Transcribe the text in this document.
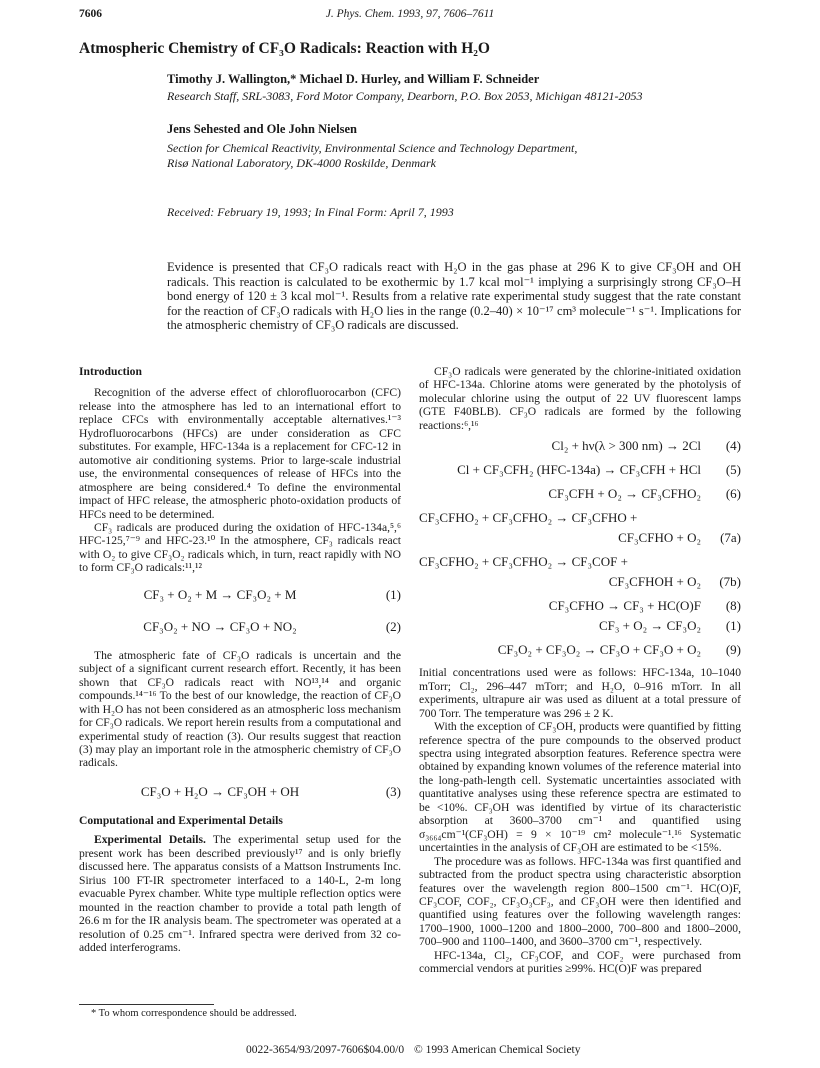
7606	J. Phys. Chem. 1993, 97, 7606–7611
Atmospheric Chemistry of CF₃O Radicals: Reaction with H₂O
Timothy J. Wallington,* Michael D. Hurley, and William F. Schneider
Research Staff, SRL-3083, Ford Motor Company, Dearborn, P.O. Box 2053, Michigan 48121-2053
Jens Sehested and Ole John Nielsen
Section for Chemical Reactivity, Environmental Science and Technology Department,
Risø National Laboratory, DK-4000 Roskilde, Denmark
Received: February 19, 1993; In Final Form: April 7, 1993
Evidence is presented that CF₃O radicals react with H₂O in the gas phase at 296 K to give CF₃OH and OH radicals. This reaction is calculated to be exothermic by 1.7 kcal mol⁻¹ implying a surprisingly strong CF₃O–H bond energy of 120 ± 3 kcal mol⁻¹. Results from a relative rate experimental study suggest that the rate constant for the reaction of CF₃O radicals with H₂O lies in the range (0.2–40) × 10⁻¹⁷ cm³ molecule⁻¹ s⁻¹. Implications for the atmospheric chemistry of CF₃O radicals are discussed.
Introduction

Recognition of the adverse effect of chlorofluorocarbon (CFC) release into the atmosphere has led to an international effort to replace CFCs with environmentally acceptable alternatives.¹⁻³ Hydrofluorocarbons (HFCs) are under consideration as CFC substitutes. For example, HFC-134a is a replacement for CFC-12 in automotive air conditioning systems. Prior to large-scale industrial use, the environmental consequences of release of HFCs into the atmosphere are being considered.⁴ To define the environmental impact of HFC release, the atmospheric photo-oxidation products of HFCs need to be determined.

CF₃ radicals are produced during the oxidation of HFC-134a,⁵,⁶ HFC-125,⁷⁻⁹ and HFC-23.¹⁰ In the atmosphere, CF₃ radicals react with O₂ to give CF₃O₂ radicals which, in turn, react rapidly with NO to form CF₃O radicals:¹¹,¹²

CF₃ + O₂ + M → CF₃O₂ + M	(1)
CF₃O₂ + NO → CF₃O + NO₂	(2)

The atmospheric fate of CF₃O radicals is uncertain and the subject of a significant current research effort. Recently, it has been shown that CF₃O radicals react with NO¹³,¹⁴ and organic compounds.¹⁴⁻¹⁶ To the best of our knowledge, the reaction of CF₃O with H₂O has not been considered as an atmospheric loss mechanism for CF₃O radicals. We report herein results from a computational and experimental study of reaction (3). Our results suggest that reaction (3) may play an important role in the atmospheric chemistry of CF₃O radicals.

CF₃O + H₂O → CF₃OH + OH	(3)
Computational and Experimental Details

Experimental Details. The experimental setup used for the present work has been described previously¹⁷ and is only briefly discussed here. The apparatus consists of a Mattson Instruments Inc. Sirius 100 FT-IR spectrometer interfaced to a 140-L, 2-m long evacuable Pyrex chamber. White type multiple reflection optics were mounted in the reaction chamber to provide a total path length of 26.6 m for the IR analysis beam. The spectrometer was operated at a resolution of 0.25 cm⁻¹. Infrared spectra were derived from 32 co-added interferograms.

CF₃O radicals were generated by the chlorine-initiated oxidation of HFC-134a. Chlorine atoms were generated by the photolysis of molecular chlorine using the output of 22 UV fluorescent lamps (GTE F40BLB). CF₃O radicals are formed by the following reactions:⁶,¹⁶

Cl₂ + hν(λ > 300 nm) → 2Cl (4)
Cl + CF₃CFH₂ (HFC-134a) → CF₃CFH + HCl (5)
CF₃CFH + O₂ → CF₃CFHO₂ (6)
CF₃CFHO₂ + CF₃CFHO₂ → CF₃CFHO +
CF₃CFHO + O₂ (7a)
CF₃CFHO₂ + CF₃CFHO₂ → CF₃COF +
CF₃CFHOH + O₂ (7b)
CF₃CFHO → CF₃ + HC(O)F (8)
CF₃ + O₂ → CF₃O₂ (1)
CF₃O₂ + CF₃O₂ → CF₃O + CF₃O + O₂ (9)

Initial concentrations used were as follows: HFC-134a, 10–1040 mTorr; Cl₂, 296–447 mTorr; and H₂O, 0–916 mTorr. In all experiments, ultrapure air was used as diluent at a total pressure of 700 Torr. The temperature was 296 ± 2 K.

With the exception of CF₃OH, products were quantified by fitting reference spectra of the pure compounds to the observed product spectra using integrated absorption features. Reference spectra were obtained by expanding known volumes of the reference material into the long-path-length cell. Systematic uncertainties associated with quantitative analyses using these reference spectra are estimated to be <10%. CF₃OH was identified by virtue of its characteristic absorption at 3600–3700 cm⁻¹ and quantified using σ₃₆₆₄cm⁻¹(CF₃OH) = 9 × 10⁻¹⁹ cm² molecule⁻¹.¹⁶ Systematic uncertainties in the analysis of CF₃OH are estimated to be <15%.

The procedure was as follows. HFC-134a was first quantified and subtracted from the product spectra using characteristic absorption features over the wavelength region 800–1500 cm⁻¹. HC(O)F, CF₃COF, COF₂, CF₃O₃CF₃, and CF₃OH were then identified and quantified using features over the following wavelength ranges: 1700–1900, 1000–1200 and 1800–2000, 700–800 and 1800–2000, 700–900 and 1100–1400, and 3600–3700 cm⁻¹, respectively.

HFC-134a, Cl₂, CF₃COF, and COF₂ were purchased from commercial vendors at purities ≥99%. HC(O)F was prepared

* To whom correspondence should be addressed.
0022-3654/93/2097-7606$04.00/0 © 1993 American Chemical Society
